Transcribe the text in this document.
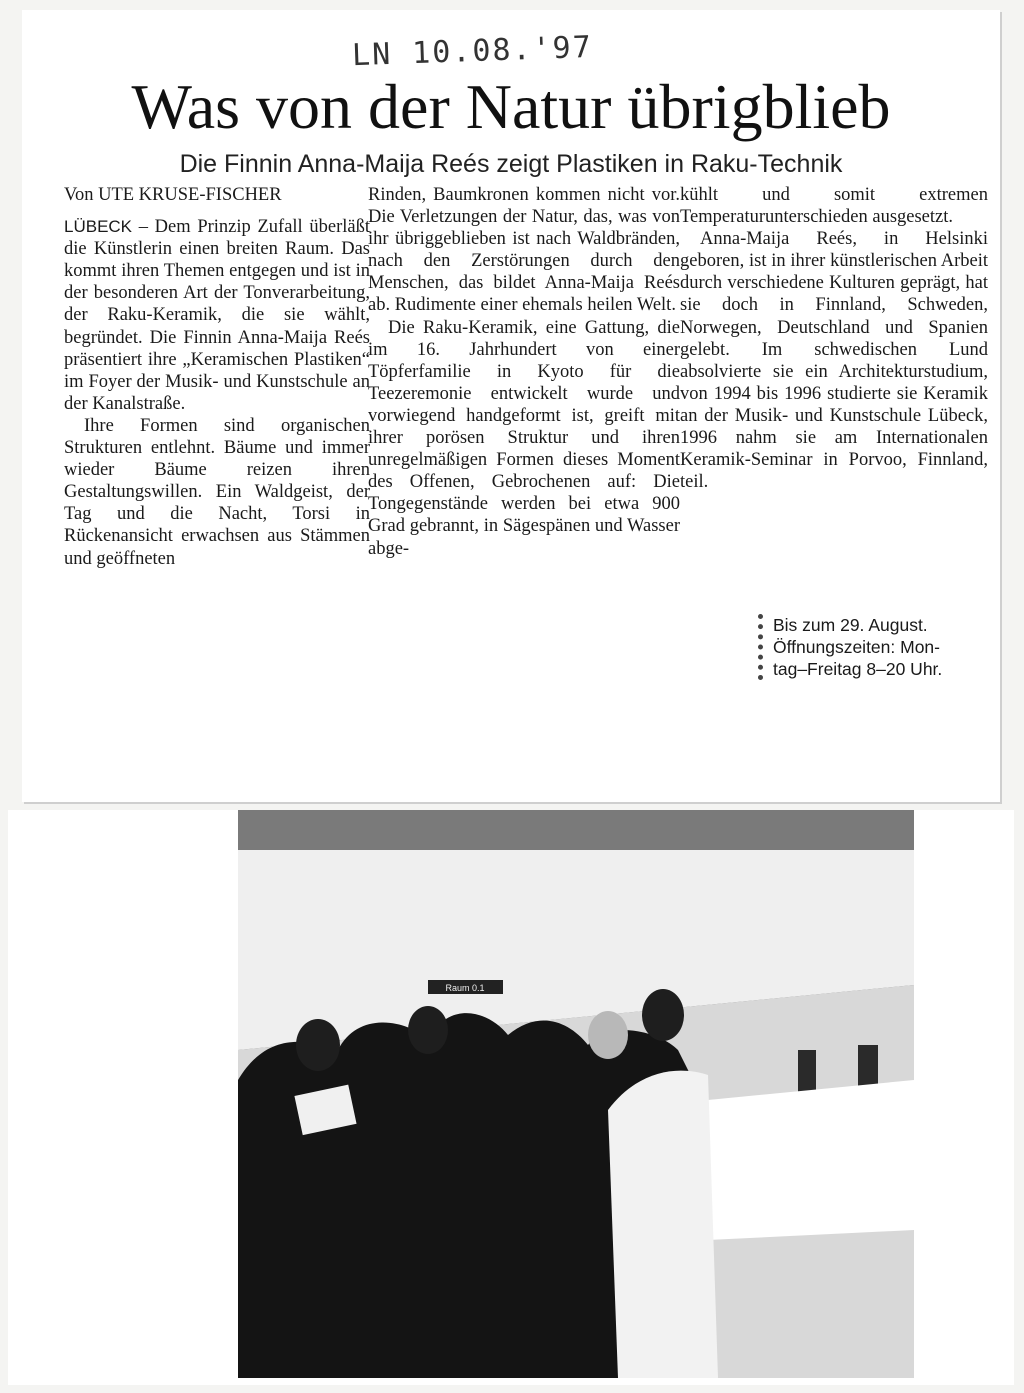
LN 10.08.'97
Was von der Natur übrigblieb
Die Finnin Anna-Maija Reés zeigt Plastiken in Raku-Technik
Von UTE KRUSE-FISCHER

LÜBECK – Dem Prinzip Zufall überläßt die Künstlerin einen breiten Raum. Das kommt ihren Themen entgegen und ist in der besonderen Art der Tonverarbeitung, der Raku-Keramik, die sie wählt, begründet. Die Finnin Anna-Maija Reés präsentiert ihre „Keramischen Plastiken“ im Foyer der Musik- und Kunstschule an der Kanalstraße.

Ihre Formen sind organischen Strukturen entlehnt. Bäume und immer wieder Bäume reizen ihren Gestaltungswillen. Ein Waldgeist, der Tag und die Nacht, Torsi in Rückenansicht erwachsen aus Stämmen und geöffneten

Rinden, Baumkronen kommen nicht vor. Die Verletzungen der Natur, das, was von ihr übriggeblieben ist nach Waldbränden, nach den Zerstörungen durch den Menschen, das bildet Anna-Maija Reés ab. Rudimente einer ehemals heilen Welt.

Die Raku-Keramik, eine Gattung, die im 16. Jahrhundert von einer Töpferfamilie in Kyoto für die Teezeremonie entwickelt wurde und vorwiegend handgeformt ist, greift mit ihrer porösen Struktur und ihren unregelmäßigen Formen dieses Moment des Offenen, Gebrochenen auf: Die Tongegenstände werden bei etwa 900 Grad gebrannt, in Sägespänen und Wasser abge-

kühlt und somit extremen Temperaturunterschieden ausgesetzt.

Anna-Maija Reés, in Helsinki geboren, ist in ihrer künstlerischen Arbeit durch verschiedene Kulturen geprägt, hat sie doch in Finnland, Schweden, Norwegen, Deutschland und Spanien gelebt. Im schwedischen Lund absolvierte sie ein Architekturstudium, von 1994 bis 1996 studierte sie Keramik an der Musik- und Kunstschule Lübeck, 1996 nahm sie am Internationalen Keramik-Seminar in Porvoo, Finnland, teil.

Bis zum 29. August.
Öffnungszeiten: Mon-
tag–Freitag 8–20 Uhr.
Raum 0.1
